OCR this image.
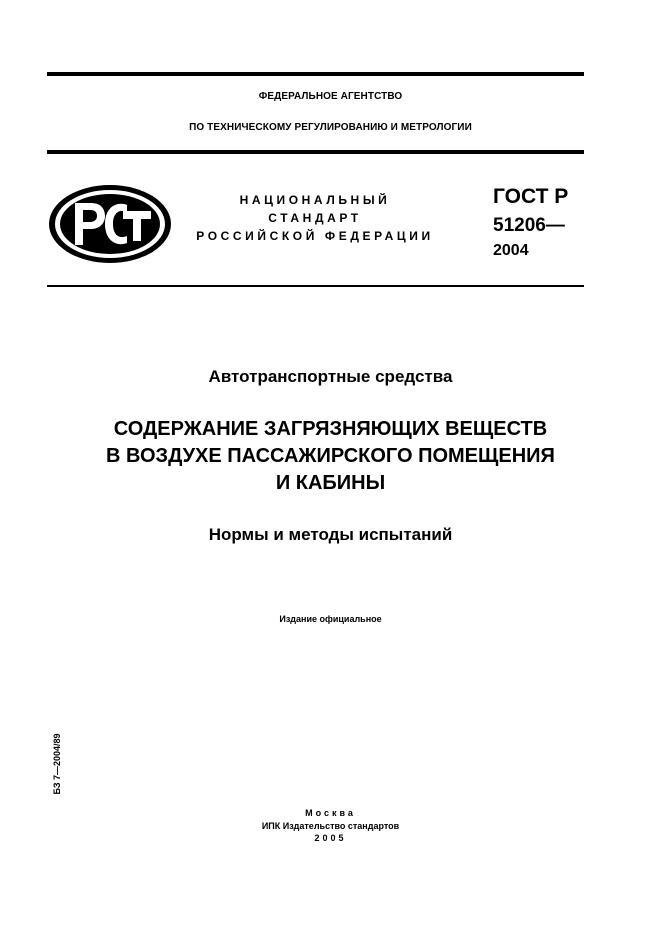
ФЕДЕРАЛЬНОЕ АГЕНТСТВО
ПО ТЕХНИЧЕСКОМУ РЕГУЛИРОВАНИЮ И МЕТРОЛОГИИ
НАЦИОНАЛЬНЫЙ
СТАНДАРТ
РОССИЙСКОЙ ФЕДЕРАЦИИ
ГОСТ Р
51206—
2004
Автотранспортные средства
СОДЕРЖАНИЕ ЗАГРЯЗНЯЮЩИХ ВЕЩЕСТВ
В ВОЗДУХЕ ПАССАЖИРСКОГО ПОМЕЩЕНИЯ
И КАБИНЫ
Нормы и методы испытаний
Издание официальное
БЗ 7—2004/89
Москва
ИПК Издательство стандартов
2005
